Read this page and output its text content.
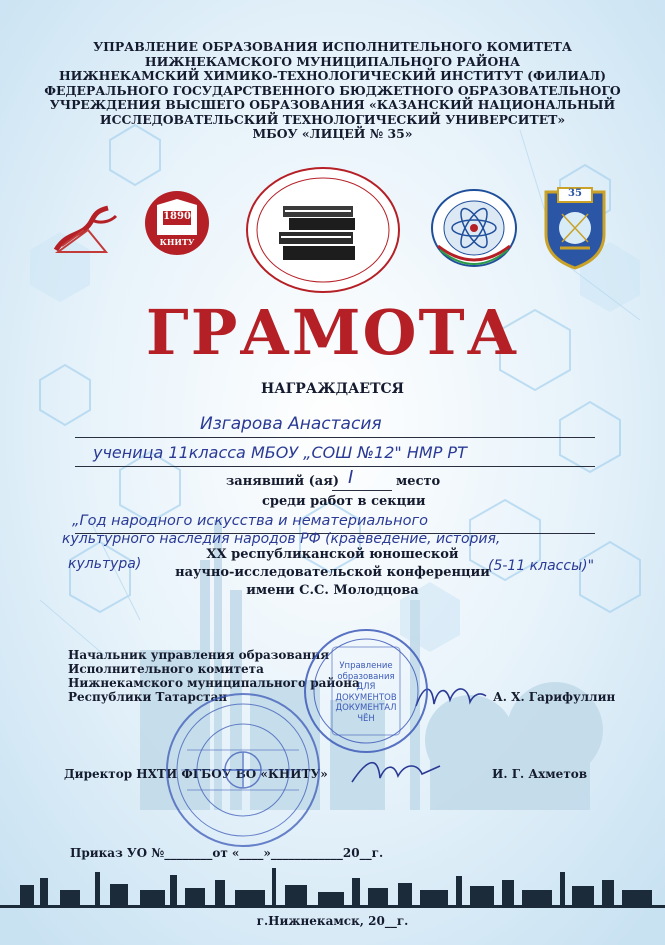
УПРАВЛЕНИЕ ОБРАЗОВАНИЯ ИСПОЛНИТЕЛЬНОГО КОМИТЕТА
НИЖНЕКАМСКОГО МУНИЦИПАЛЬНОГО РАЙОНА
НИЖНЕКАМСКИЙ ХИМИКО-ТЕХНОЛОГИЧЕСКИЙ ИНСТИТУТ (ФИЛИАЛ)
ФЕДЕРАЛЬНОГО ГОСУДАРСТВЕННОГО БЮДЖЕТНОГО ОБРАЗОВАТЕЛЬНОГО
УЧРЕЖДЕНИЯ ВЫСШЕГО ОБРАЗОВАНИЯ «КАЗАНСКИЙ НАЦИОНАЛЬНЫЙ
ИССЛЕДОВАТЕЛЬСКИЙ ТЕХНОЛОГИЧЕСКИЙ УНИВЕРСИТЕТ»
МБОУ «ЛИЦЕЙ № 35»
1890
КНИТУ
35
ГРАМОТА
НАГРАЖДАЕТСЯ
Изгарова Анастасия
ученица 11класса МБОУ „СОШ №12" НМР РТ
занявший (ая) I	место
среди работ в секции
„Год народного искусства и нематериального
культурного наследия народов РФ (краеведение, история,
культура)	(5-11 классы)"
XX республиканской юношеской
научно-исследовательской конференции
имени С.С. Молодцова
Начальник управления образования
Исполнительного комитета
Нижнекамского муниципального района
Республики Татарстан	А. Х. Гарифуллин
Директор НХТИ ФГБОУ ВО «КНИТУ»	И. Г. Ахметов
Управление
образования
ДЛЯ
ДОКУМЕНТОВ
ДОКУМЕНТАЛ
ЧЁН
Приказ УО №________от «____»____________20__г.
г.Нижнекамск, 20__г.
